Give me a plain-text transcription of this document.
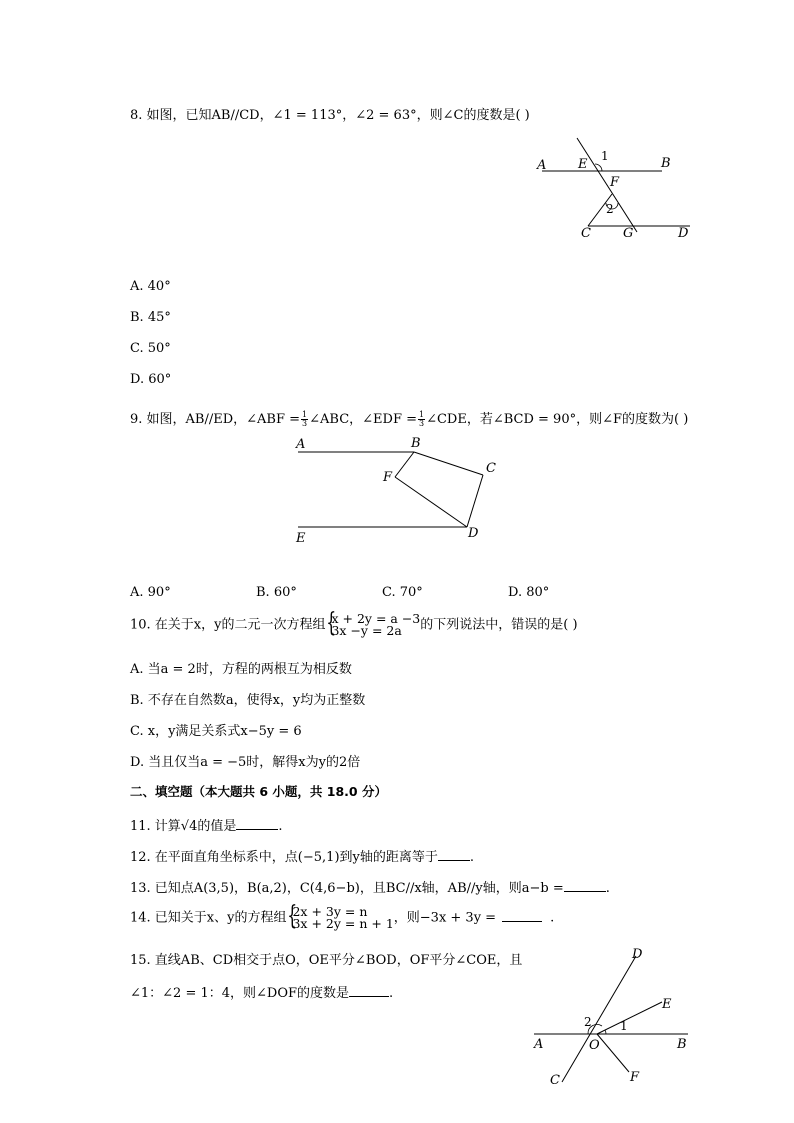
8. 如图，已知AB//CD，∠1 = 113°，∠2 = 63°，则∠C的度数是( )
A E
1	B
F
2
C G	D
A. 40°
B. 45°
C. 50°
D. 60°
9. 如图，AB//ED，∠ABF = $\frac{1}{3}$ ∠ABC，∠EDF = $\frac{1}{3}$ ∠CDE，若∠BCD = 90°，则∠F的度数为( )
A	B
C
F
E	D
A. 90°	B. 60°	C. 70°	D. 80°
10. 在关于x，y的二元一次方程组 { x + 2y = a −3
3x −y = 2a	的下列说法中，错误的是( )
A. 当a = 2时，方程的两根互为相反数
B. 不存在自然数a，使得x，y均为正整数
C. x，y满足关系式x−5y = 6
D. 当且仅当a = −5时，解得x为y的2倍
二、填空题（本大题共 6 小题，共 18.0 分）
11. 计算√4的值是	.
12. 在平面直角坐标系中，点(−5,1)到y轴的距离等于 .
13. 已知点A(3,5)，B(a,2)，C(4,6−b)，且BC//x轴，AB//y轴，则a−b =	.
14. 已知关于x、y的方程组 { 2x + 3y = n
3x + 2y = n + 1 ，则−3x + 3y =	.
15. 直线AB、CD相交于点O，OE平分∠BOD，OF平分∠COE，且
∠1：∠2 = 1：4，则∠DOF的度数是	.
D
E
2 1
A	O	B
C	F
